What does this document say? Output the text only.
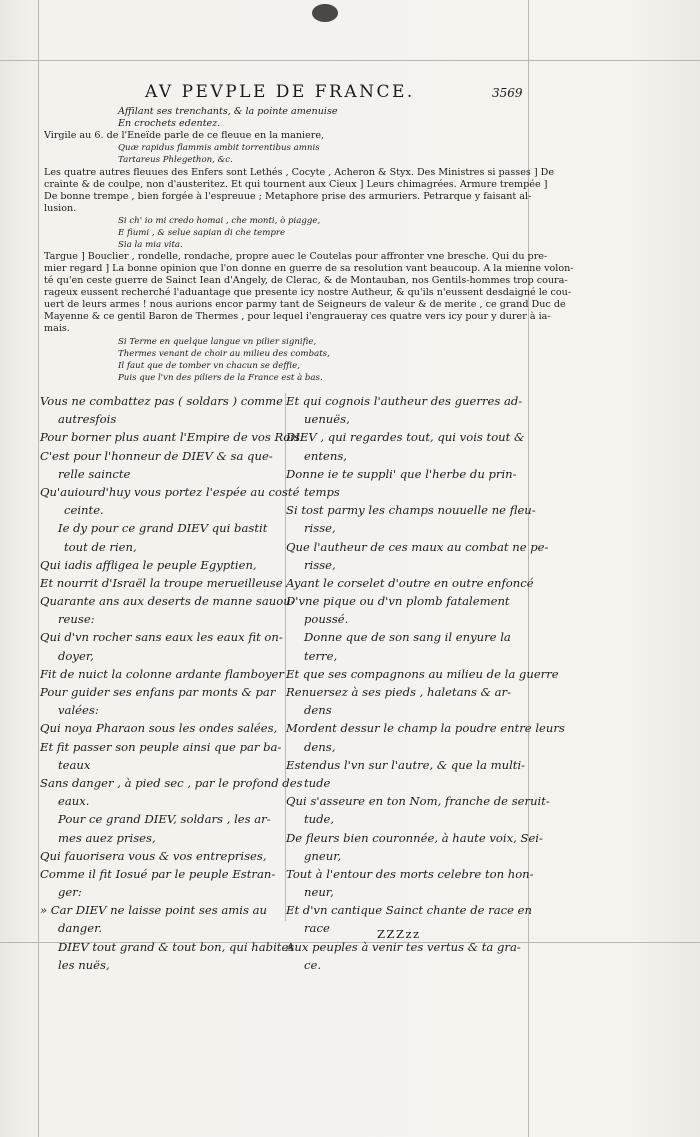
AV PEVPLE DE FRANCE.	3569
Affilant ses trenchants, & la pointe amenuise
En crochets edentez.
Virgile au 6. de l'Eneïde parle de ce fleuue en la maniere,
Quæ rapidus flammis ambit torrentibus amnis
Tartareus Phlegethon, &c.
Les quatre autres fleuues des Enfers sont Lethés , Cocyte , Acheron & Styx. Des Ministres si passes ] De
crainte & de coulpe, non d'austeritez. Et qui tournent aux Cieux ] Leurs chimagrées. Armure trempée ]
De bonne trempe , bien forgée à l'espreuue ; Metaphore prise des armuriers. Petrarque y faisant al-
lusion.
Si ch' io mi credo homai , che monti, ò piagge,
E fiumi , & selue sapian di che tempre
Sia la mia vita.
Targue ] Bouclier , rondelle, rondache, propre auec le Coutelas pour affronter vne bresche. Qui du pre-
mier regard ] La bonne opinion que l'on donne en guerre de sa resolution vant beaucoup. A la mienne volon-
té qu'en ceste guerre de Sainct Iean d'Angely, de Clerac, & de Montauban, nos Gentils-hommes trop coura-
rageux eussent recherché l'aduantage que presente icy nostre Autheur, & qu'ils n'eussent desdaigné le cou-
uert de leurs armes ! nous aurions encor parmy tant de Seigneurs de valeur & de merite , ce grand Duc de
Mayenne & ce gentil Baron de Thermes , pour lequel i'engraueray ces quatre vers icy pour y durer à ia-
mais.
Si Terme en quelque langue vn pilier signifie,
Thermes venant de choir au milieu des combats,
Il faut que de tomber vn chacun se deffie,
Puis que l'vn des piliers de la France est à bas.
Vous ne combattez pas ( soldars ) comme
autresfois
Pour borner plus auant l'Empire de vos Rois:
C'est pour l'honneur de DIEV & sa que-
relle saincte
Qu'auiourd'huy vous portez l'espée au costé
ceinte.
Ie dy pour ce grand DIEV qui bastit
tout de rien,
Qui iadis affligea le peuple Egyptien,
Et nourrit d'Israël la troupe merueilleuse
Quarante ans aux deserts de manne sauou-
reuse:
Qui d'vn rocher sans eaux les eaux fit on-
doyer,
Fit de nuict la colonne ardante flamboyer
Pour guider ses enfans par monts & par
valées:
Qui noya Pharaon sous les ondes salées,
Et fit passer son peuple ainsi que par ba-
teaux
Sans danger , à pied sec , par le profond des
eaux.
Pour ce grand DIEV, soldars , les ar-
mes auez prises,
Qui fauorisera vous & vos entreprises,
Comme il fit Iosué par le peuple Estran-
ger:
» Car DIEV ne laisse point ses amis au
danger.
DIEV tout grand & tout bon, qui habites
les nuës,
Et qui cognois l'autheur des guerres ad-
uenuës,
DIEV , qui regardes tout, qui vois tout &
entens,
Donne ie te suppli' que l'herbe du prin-
temps
Si tost parmy les champs nouuelle ne fleu-
risse,
Que l'autheur de ces maux au combat ne pe-
risse,
Ayant le corselet d'outre en outre enfoncé
D'vne pique ou d'vn plomb fatalement
poussé.
Donne que de son sang il enyure la
terre,
Et que ses compagnons au milieu de la guerre
Renuersez à ses pieds , haletans & ar-
dens
Mordent dessur le champ la poudre entre leurs
dens,
Estendus l'vn sur l'autre, & que la multi-
tude
Qui s'asseure en ton Nom, franche de seruit-
tude,
De fleurs bien couronnée, à haute voix, Sei-
gneur,
Tout à l'entour des morts celebre ton hon-
neur,
Et d'vn cantique Sainct chante de race en
race
Aux peuples à venir tes vertus & ta gra-
ce.
ZZZzz
